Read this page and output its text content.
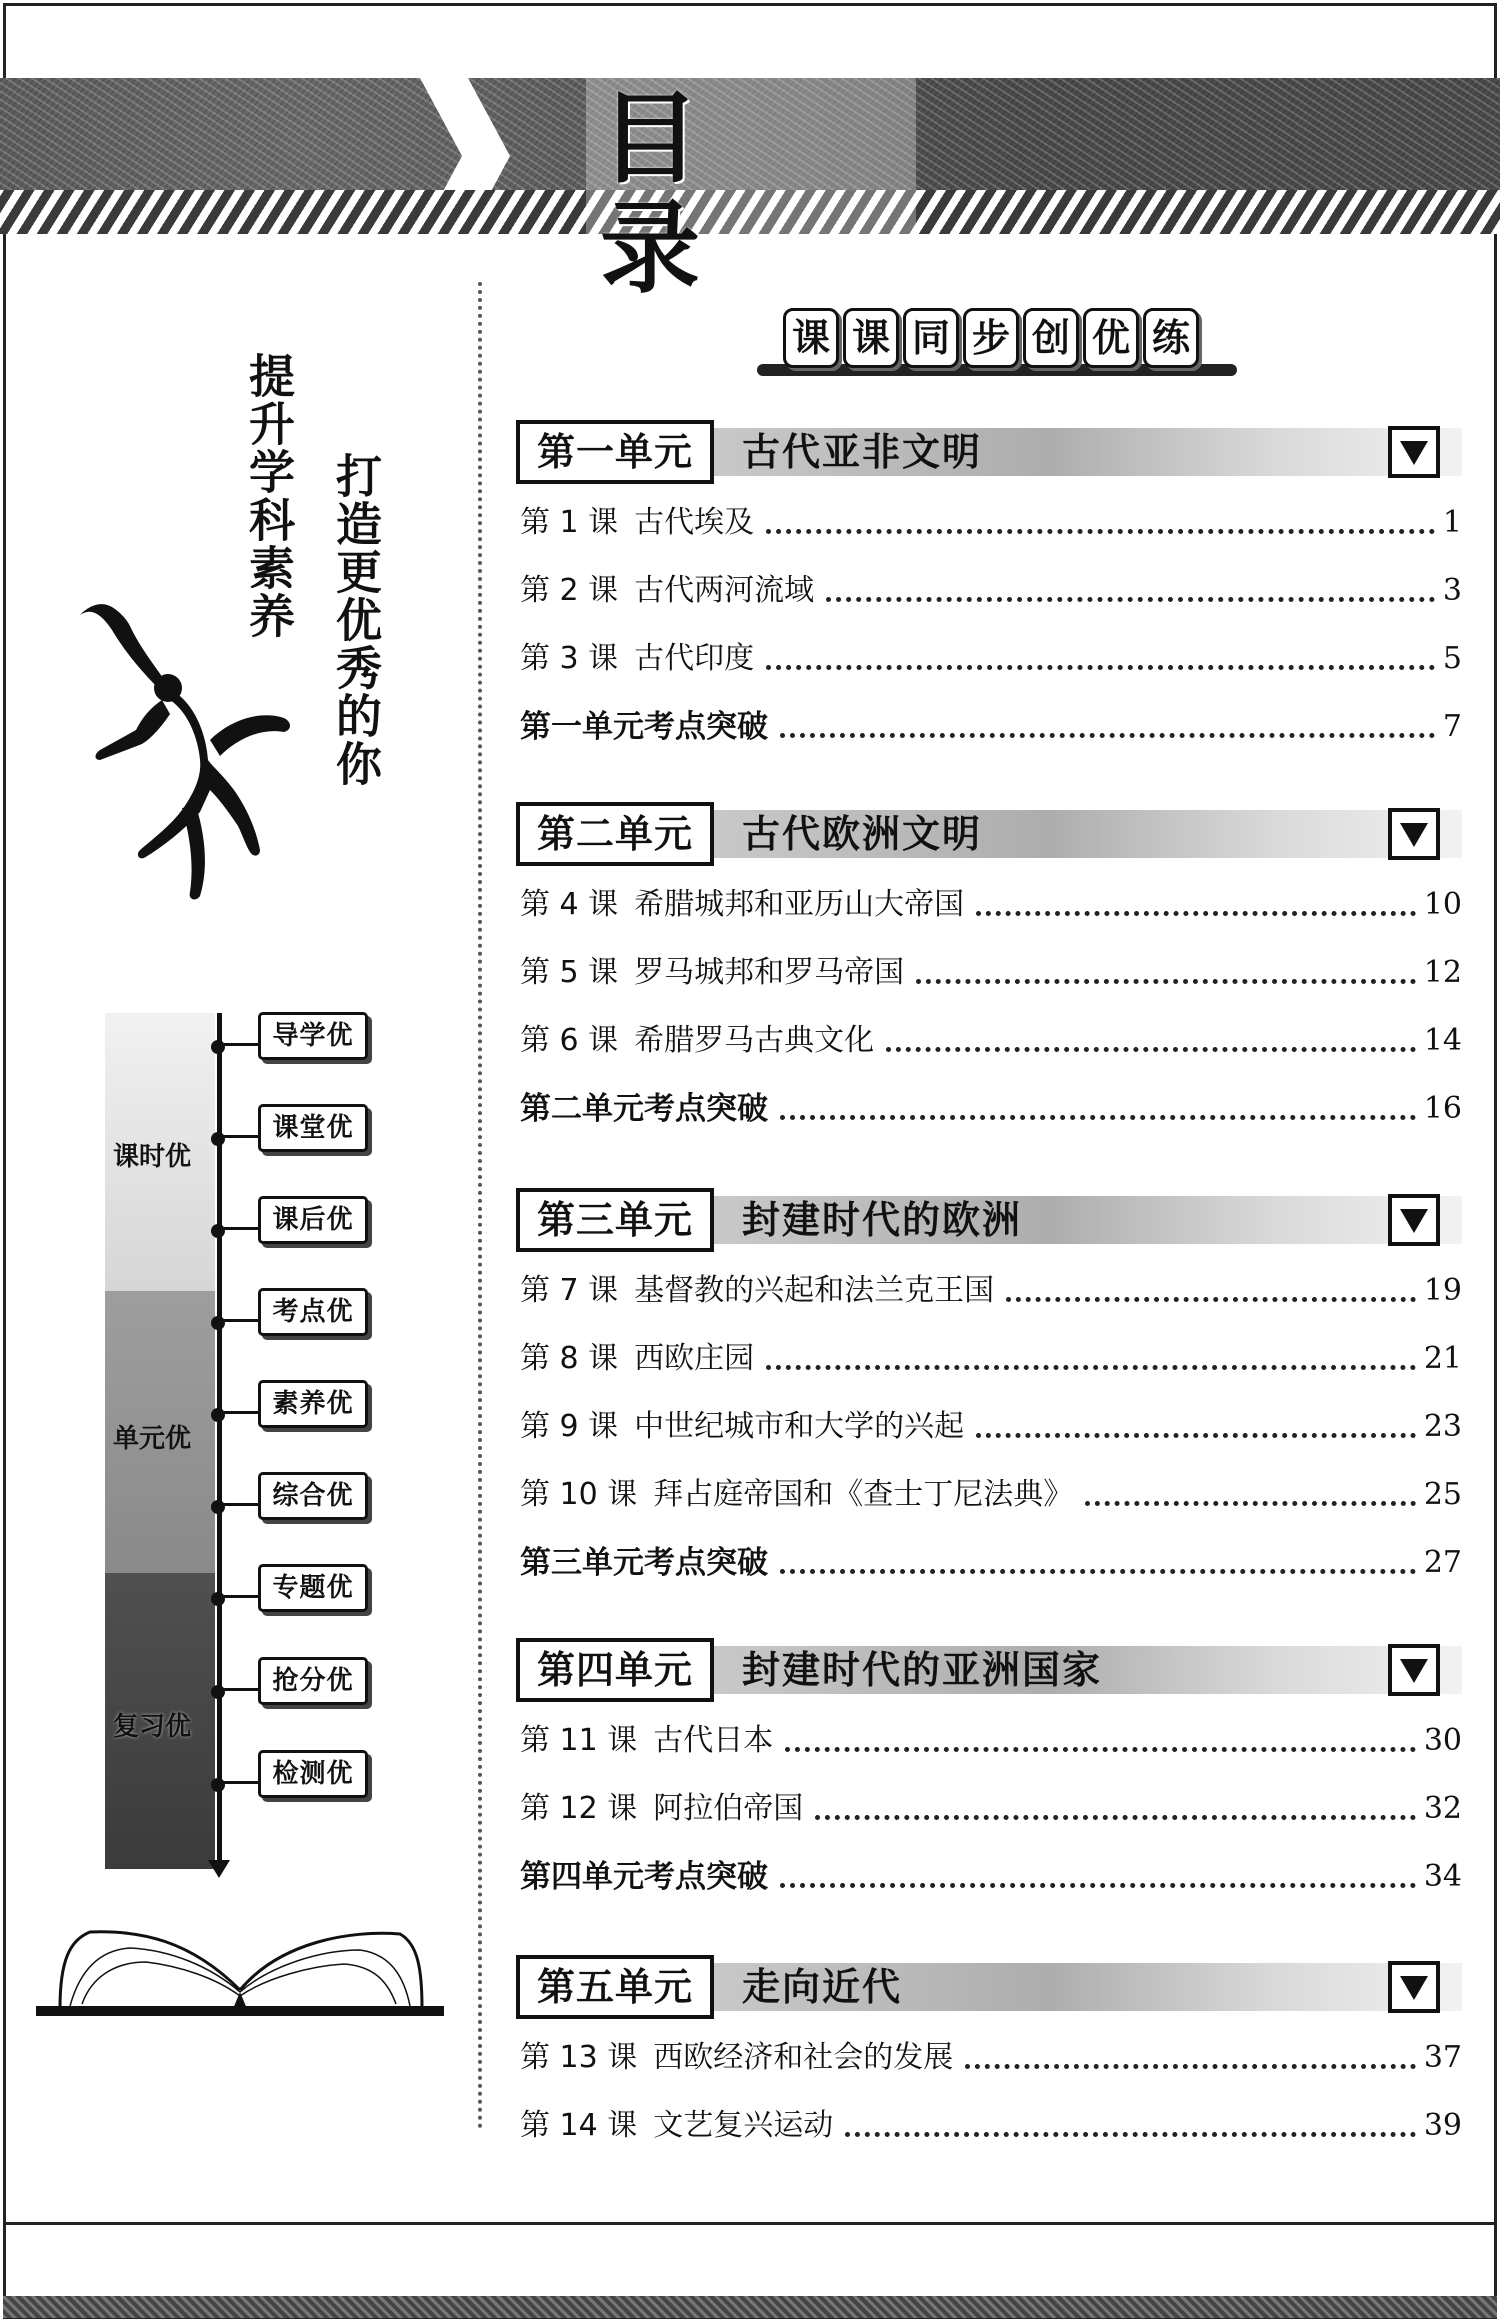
目录
提升学科素养 打造更优秀的你
课时优
单元优
复习优
导学优
课堂优
课后优
考点优
素养优
综合优
专题优
抢分优
检测优
课 课 同 步 创 优 练
第一单元	古代亚非文明
第 1 课 古代埃及	1
第 2 课 古代两河流域	3
第 3 课 古代印度	5
第一单元考点突破	7
第二单元	古代欧洲文明
第 4 课 希腊城邦和亚历山大帝国	10
第 5 课 罗马城邦和罗马帝国	12
第 6 课 希腊罗马古典文化	14
第二单元考点突破	16
第三单元	封建时代的欧洲
第 7 课 基督教的兴起和法兰克王国	19
第 8 课 西欧庄园	21
第 9 课 中世纪城市和大学的兴起	23
第 10 课 拜占庭帝国和《查士丁尼法典》	25
第三单元考点突破	27
第四单元	封建时代的亚洲国家
第 11 课 古代日本	30
第 12 课 阿拉伯帝国	32
第四单元考点突破	34
第五单元	走向近代
第 13 课 西欧经济和社会的发展	37
第 14 课 文艺复兴运动	39
